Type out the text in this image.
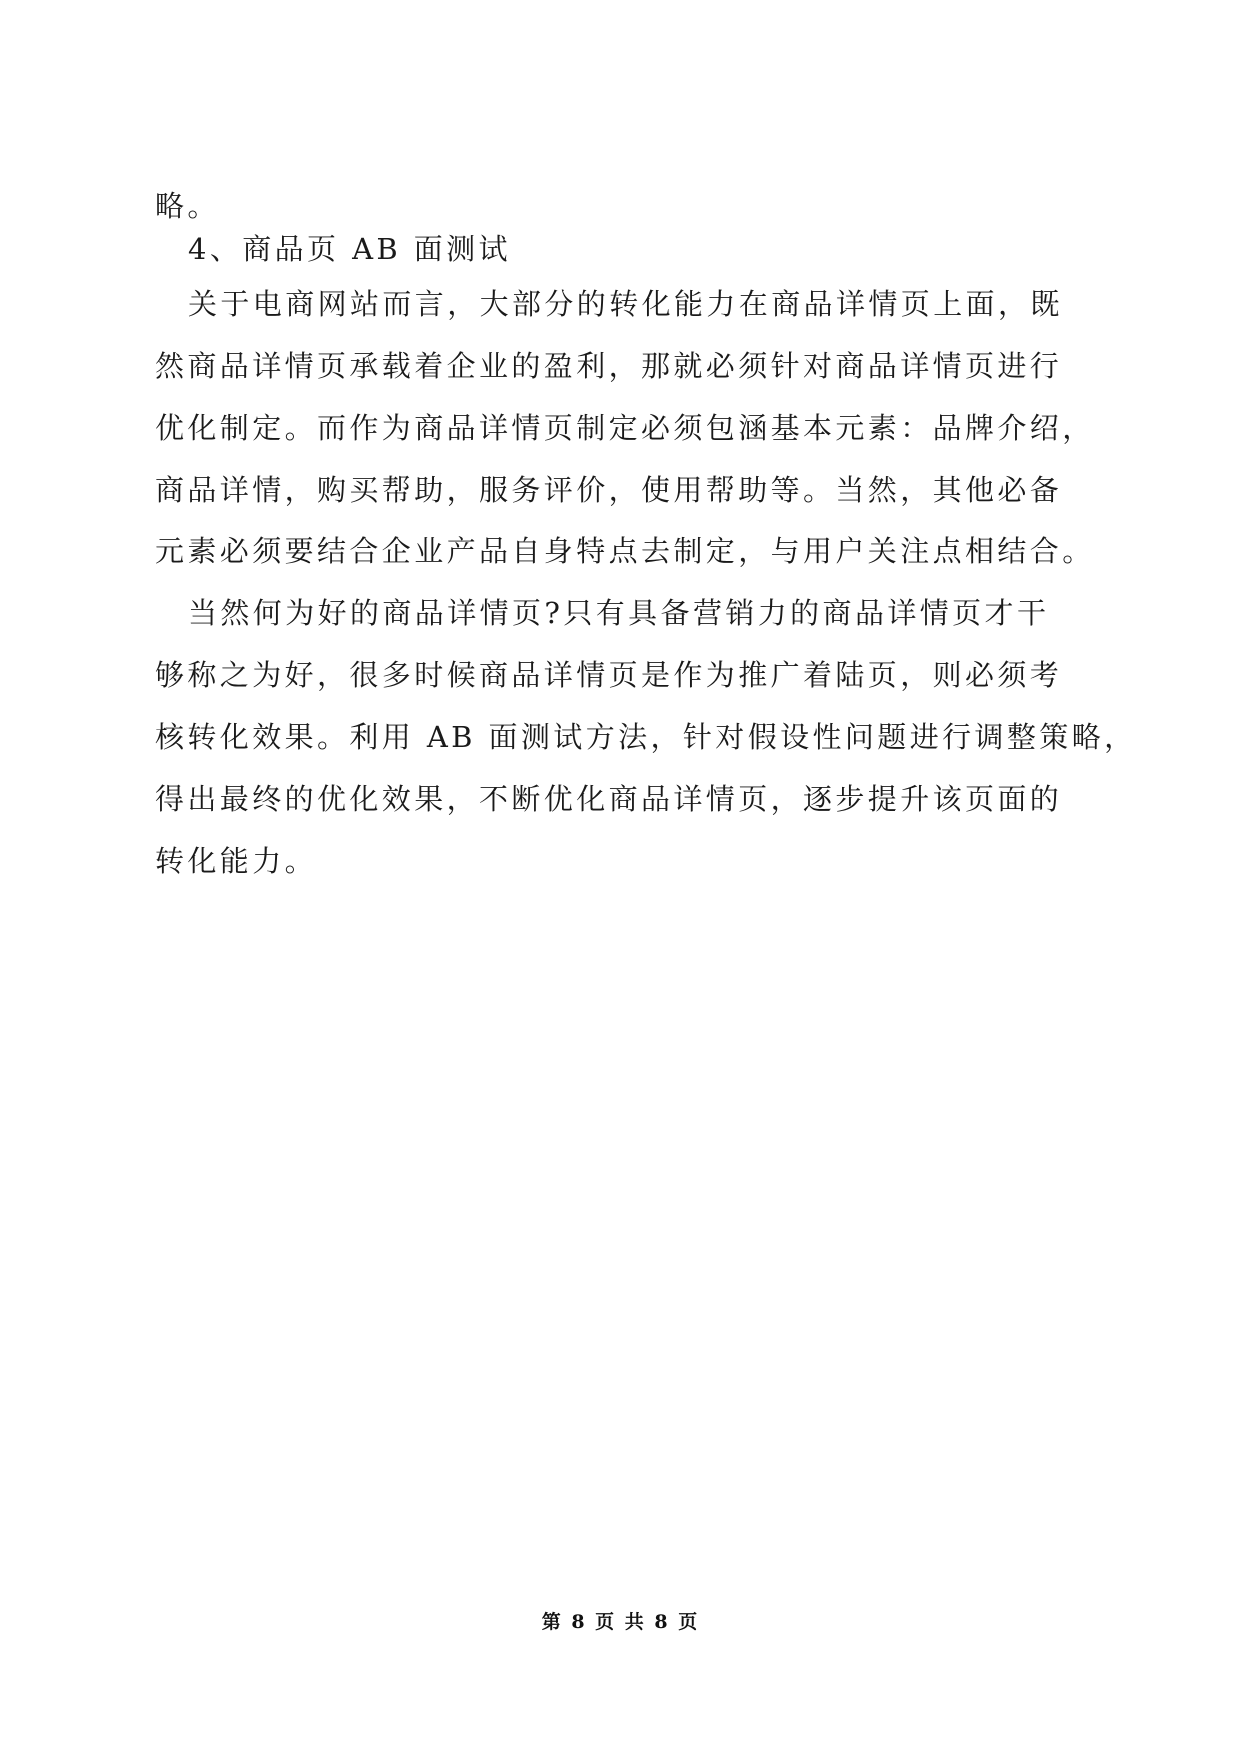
略。
4、商品页 AB 面测试
关于电商网站而言，大部分的转化能力在商品详情页上面，既
然商品详情页承载着企业的盈利，那就必须针对商品详情页进行
优化制定。而作为商品详情页制定必须包涵基本元素：品牌介绍，
商品详情，购买帮助，服务评价，使用帮助等。当然，其他必备
元素必须要结合企业产品自身特点去制定，与用户关注点相结合。
当然何为好的商品详情页?只有具备营销力的商品详情页才干
够称之为好，很多时候商品详情页是作为推广着陆页，则必须考
核转化效果。利用 AB 面测试方法，针对假设性问题进行调整策略，
得出最终的优化效果，不断优化商品详情页，逐步提升该页面的
转化能力。
第 8 页 共 8 页
